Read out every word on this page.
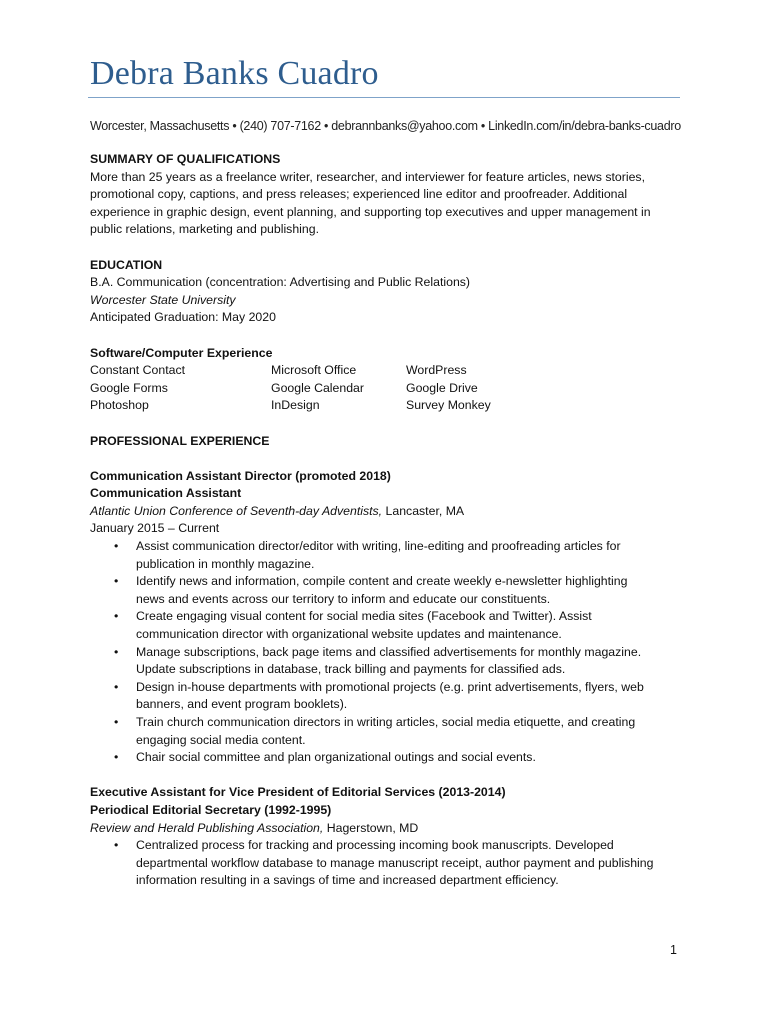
Debra Banks Cuadro
Worcester, Massachusetts • (240) 707-7162 • debrannbanks@yahoo.com • LinkedIn.com/in/debra-banks-cuadro
SUMMARY OF QUALIFICATIONS
More than 25 years as a freelance writer, researcher, and interviewer for feature articles, news stories,
promotional copy, captions, and press releases; experienced line editor and proofreader. Additional
experience in graphic design, event planning, and supporting top executives and upper management in
public relations, marketing and publishing.
EDUCATION
B.A. Communication (concentration: Advertising and Public Relations)
Worcester State University
Anticipated Graduation: May 2020
Software/Computer Experience
Constant Contact	Microsoft Office	WordPress
Google Forms	Google Calendar	Google Drive
Photoshop	InDesign	Survey Monkey
PROFESSIONAL EXPERIENCE
Communication Assistant Director (promoted 2018)
Communication Assistant
Atlantic Union Conference of Seventh-day Adventists, Lancaster, MA
January 2015 – Current
• Assist communication director/editor with writing, line-editing and proofreading articles for
publication in monthly magazine.
• Identify news and information, compile content and create weekly e-newsletter highlighting
news and events across our territory to inform and educate our constituents.
• Create engaging visual content for social media sites (Facebook and Twitter). Assist
communication director with organizational website updates and maintenance.
• Manage subscriptions, back page items and classified advertisements for monthly magazine.
Update subscriptions in database, track billing and payments for classified ads.
• Design in-house departments with promotional projects (e.g. print advertisements, flyers, web
banners, and event program booklets).
• Train church communication directors in writing articles, social media etiquette, and creating
engaging social media content.
• Chair social committee and plan organizational outings and social events.
Executive Assistant for Vice President of Editorial Services (2013-2014)
Periodical Editorial Secretary (1992-1995)
Review and Herald Publishing Association, Hagerstown, MD
• Centralized process for tracking and processing incoming book manuscripts. Developed
departmental workflow database to manage manuscript receipt, author payment and publishing
information resulting in a savings of time and increased department efficiency.
1
